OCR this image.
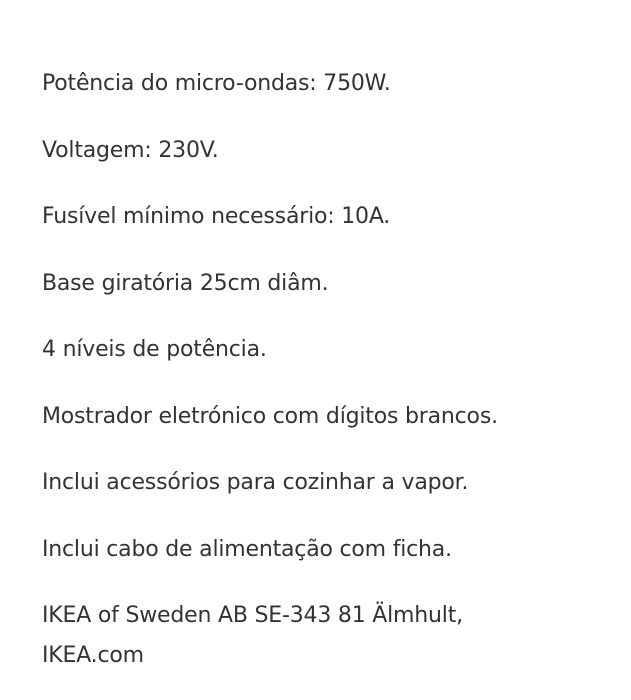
Potência do micro-ondas: 750W.

Voltagem: 230V.

Fusível mínimo necessário: 10A.

Base giratória 25cm diâm.

4 níveis de potência.

Mostrador eletrónico com dígitos brancos.

Inclui acessórios para cozinhar a vapor.

Inclui cabo de alimentação com ficha.

IKEA of Sweden AB SE-343 81 Älmhult,
IKEA.com
